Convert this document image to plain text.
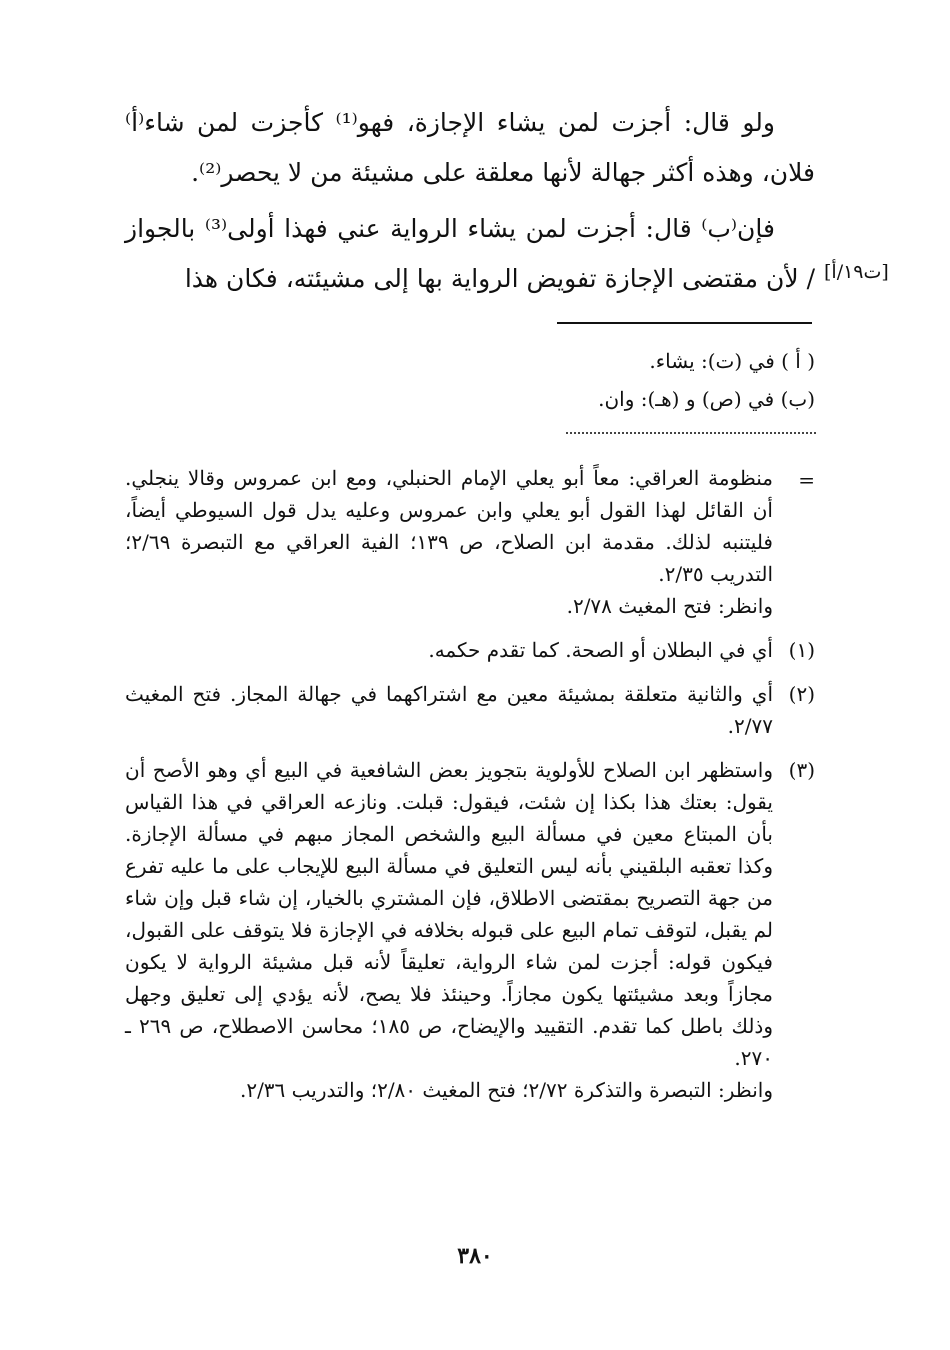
ولو قال: أجزت لمن يشاء الإجازة، فهو⁽¹⁾ كأجزت لمن شاء⁽أ⁾ فلان، وهذه أكثر جهالة لأنها معلقة على مشيئة من لا يحصر⁽²⁾.

فإن⁽ب⁾ قال: أجزت لمن يشاء الرواية عني فهذا أولى⁽³⁾ بالجواز / لأن مقتضى الإجازة تفويض الرواية بها إلى مشيئته، فكان هذا [ت١٩/أ]
( أ ) في (ت): يشاء.
(ب) في (ص) و (هـ): وان.
=
منظومة العراقي: معاً أبو يعلي الإمام الحنبلي، ومع ابن عمروس وقالا ينجلي. أن القائل لهذا القول أبو يعلي وابن عمروس وعليه يدل قول السيوطي أيضاً، فليتنبه لذلك. مقدمة ابن الصلاح، ص ١٣٩؛ الفية العراقي مع التبصرة ٢/٦٩؛ التدريب ٢/٣٥.
وانظر: فتح المغيث ٢/٧٨.
(١)
أي في البطلان أو الصحة. كما تقدم حكمه.
(٢)
أي والثانية متعلقة بمشيئة معين مع اشتراكهما في جهالة المجاز. فتح المغيث ٢/٧٧.
(٣)
واستظهر ابن الصلاح للأولوية بتجويز بعض الشافعية في البيع أي وهو الأصح أن يقول: بعتك هذا بكذا إن شئت، فيقول: قبلت. ونازعه العراقي في هذا القياس بأن المبتاع معين في مسألة البيع والشخص المجاز مبهم في مسألة الإجازة. وكذا تعقبه البلقيني بأنه ليس التعليق في مسألة البيع للإيجاب على ما عليه تفرع من جهة التصريح بمقتضى الاطلاق، فإن المشتري بالخيار، إن شاء قبل وإن شاء لم يقبل، لتوقف تمام البيع على قبوله بخلافه في الإجازة فلا يتوقف على القبول، فيكون قوله: أجزت لمن شاء الرواية، تعليقاً لأنه قبل مشيئة الرواية لا يكون مجازاً وبعد مشيئتها يكون مجازاً. وحينئذ فلا يصح، لأنه يؤدي إلى تعليق وجهل وذلك باطل كما تقدم. التقييد والإيضاح، ص ١٨٥؛ محاسن الاصطلاح، ص ٢٦٩ ـ ٢٧٠.
وانظر: التبصرة والتذكرة ٢/٧٢؛ فتح المغيث ٢/٨٠؛ والتدريب ٢/٣٦.
٣٨٠
